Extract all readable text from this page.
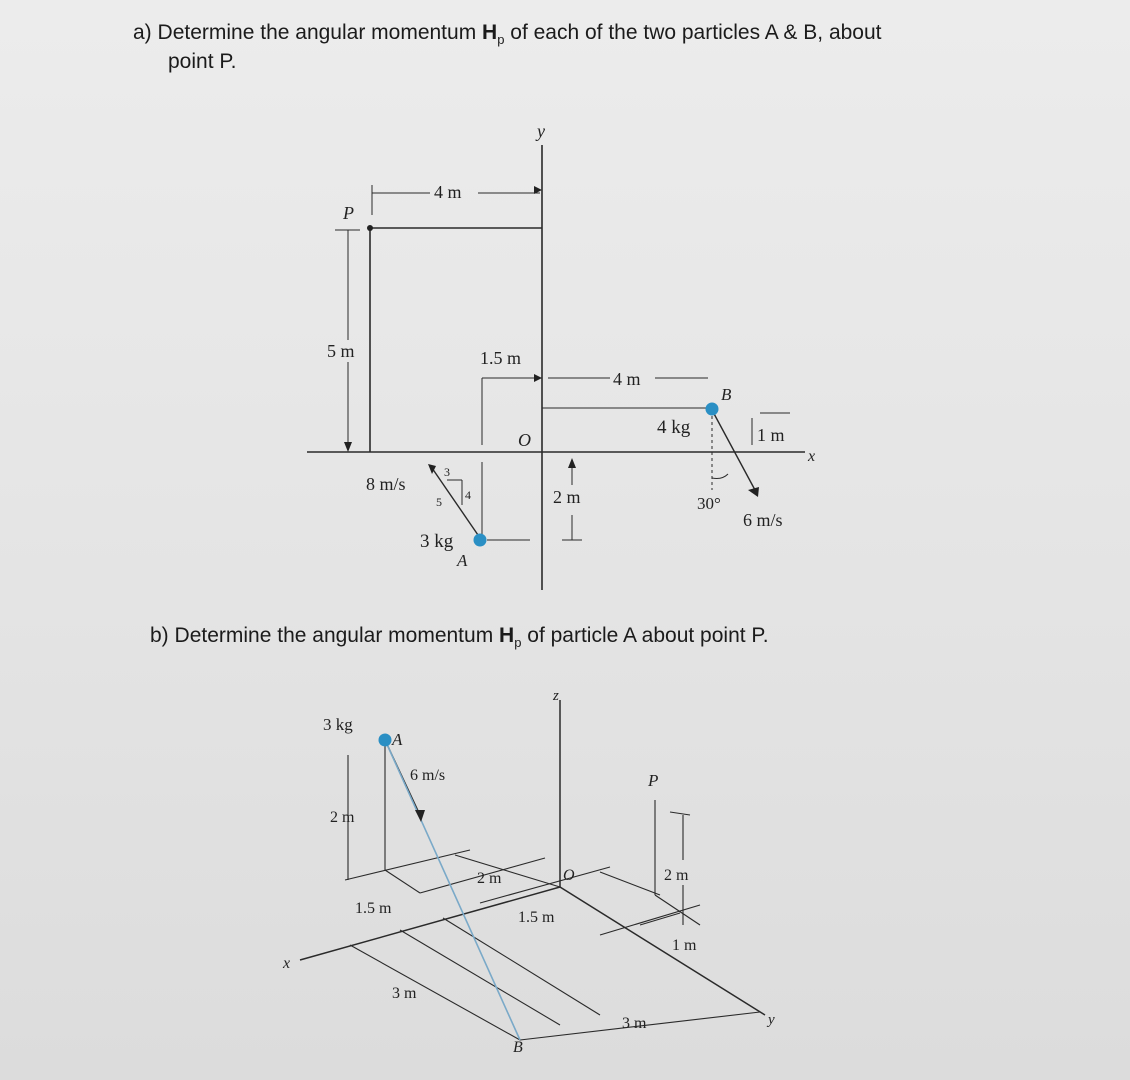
a) Determine the angular momentum $H_p$ of each of the two particles A & B, about
point P.
b) Determine the angular momentum $H_p$ of particle A about point P.
y
x
O
P
4 m
5 m	1.5 m
4 m
2 m
1 m
3 kg
A
8 m/s
3
4
5
4 kg
B
30°
6 m/s
z
x
y
O
P
B
3 kg
A
6 m/s
2 m
1.5 m
2 m
1.5 m
2 m
1 m
3 m
3 m
